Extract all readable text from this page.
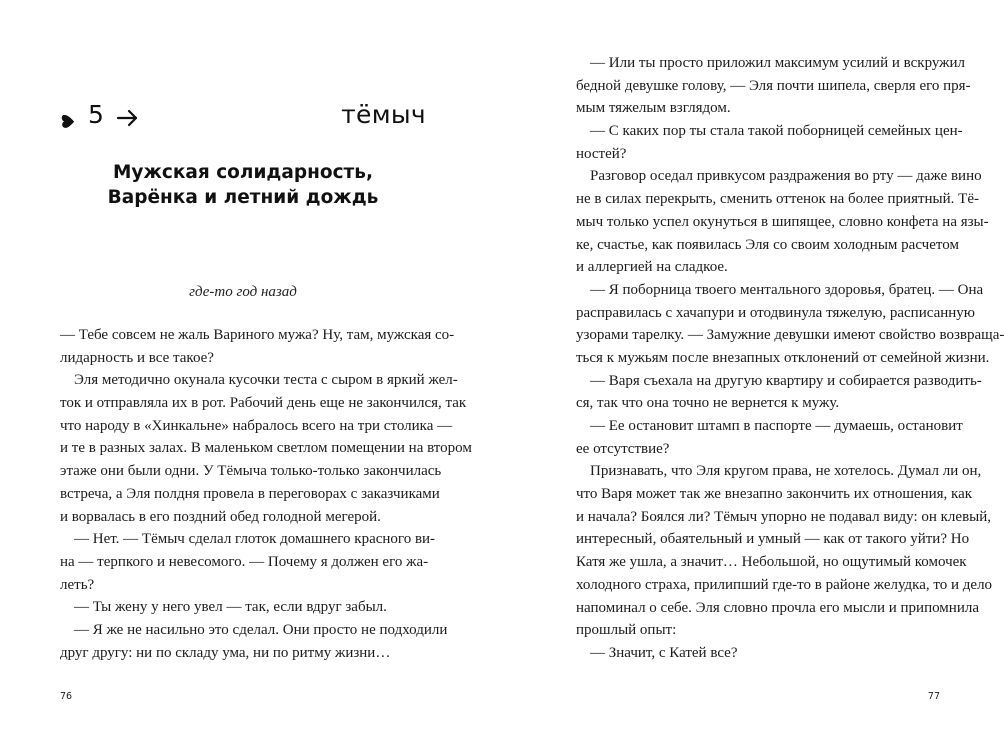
5	тёмыч
Мужская солидарность,
Варёнка и летний дождь
где-то год назад
— Тебе совсем не жаль Вариного мужа? Ну, там, мужская со-
лидарность и все такое?
Эля методично окунала кусочки теста с сыром в яркий жел-
ток и отправляла их в рот. Рабочий день еще не закончился, так
что народу в «Хинкальне» набралось всего на три столика —
и те в разных залах. В маленьком светлом помещении на втором
этаже они были одни. У Тёмыча только-только закончилась
встреча, а Эля полдня провела в переговорах с заказчиками
и ворвалась в его поздний обед голодной мегерой.
— Нет. — Тёмыч сделал глоток домашнего красного ви-
на — терпкого и невесомого. — Почему я должен его жа-
леть?
— Ты жену у него увел — так, если вдруг забыл.
— Я же не насильно это сделал. Они просто не подходили
друг другу: ни по складу ума, ни по ритму жизни…
76
— Или ты просто приложил максимум усилий и вскружил
бедной девушке голову, — Эля почти шипела, сверля его пря-
мым тяжелым взглядом.
— С каких пор ты стала такой поборницей семейных цен-
ностей?
Разговор оседал привкусом раздражения во рту — даже вино
не в силах перекрыть, сменить оттенок на более приятный. Тё-
мыч только успел окунуться в шипящее, словно конфета на язы-
ке, счастье, как появилась Эля со своим холодным расчетом
и аллергией на сладкое.
— Я поборница твоего ментального здоровья, братец. — Она
расправилась с хачапури и отодвинула тяжелую, расписанную
узорами тарелку. — Замужние девушки имеют свойство возвраща-
ться к мужьям после внезапных отклонений от семейной жизни.
— Варя съехала на другую квартиру и собирается разводить-
ся, так что она точно не вернется к мужу.
— Ее остановит штамп в паспорте — думаешь, остановит
ее отсутствие?
Признавать, что Эля кругом права, не хотелось. Думал ли он,
что Варя может так же внезапно закончить их отношения, как
и начала? Боялся ли? Тёмыч упорно не подавал виду: он клевый,
интересный, обаятельный и умный — как от такого уйти? Но
Катя же ушла, а значит… Небольшой, но ощутимый комочек
холодного страха, прилипший где-то в районе желудка, то и дело
напоминал о себе. Эля словно прочла его мысли и припомнила
прошлый опыт:
— Значит, с Катей все?
77
